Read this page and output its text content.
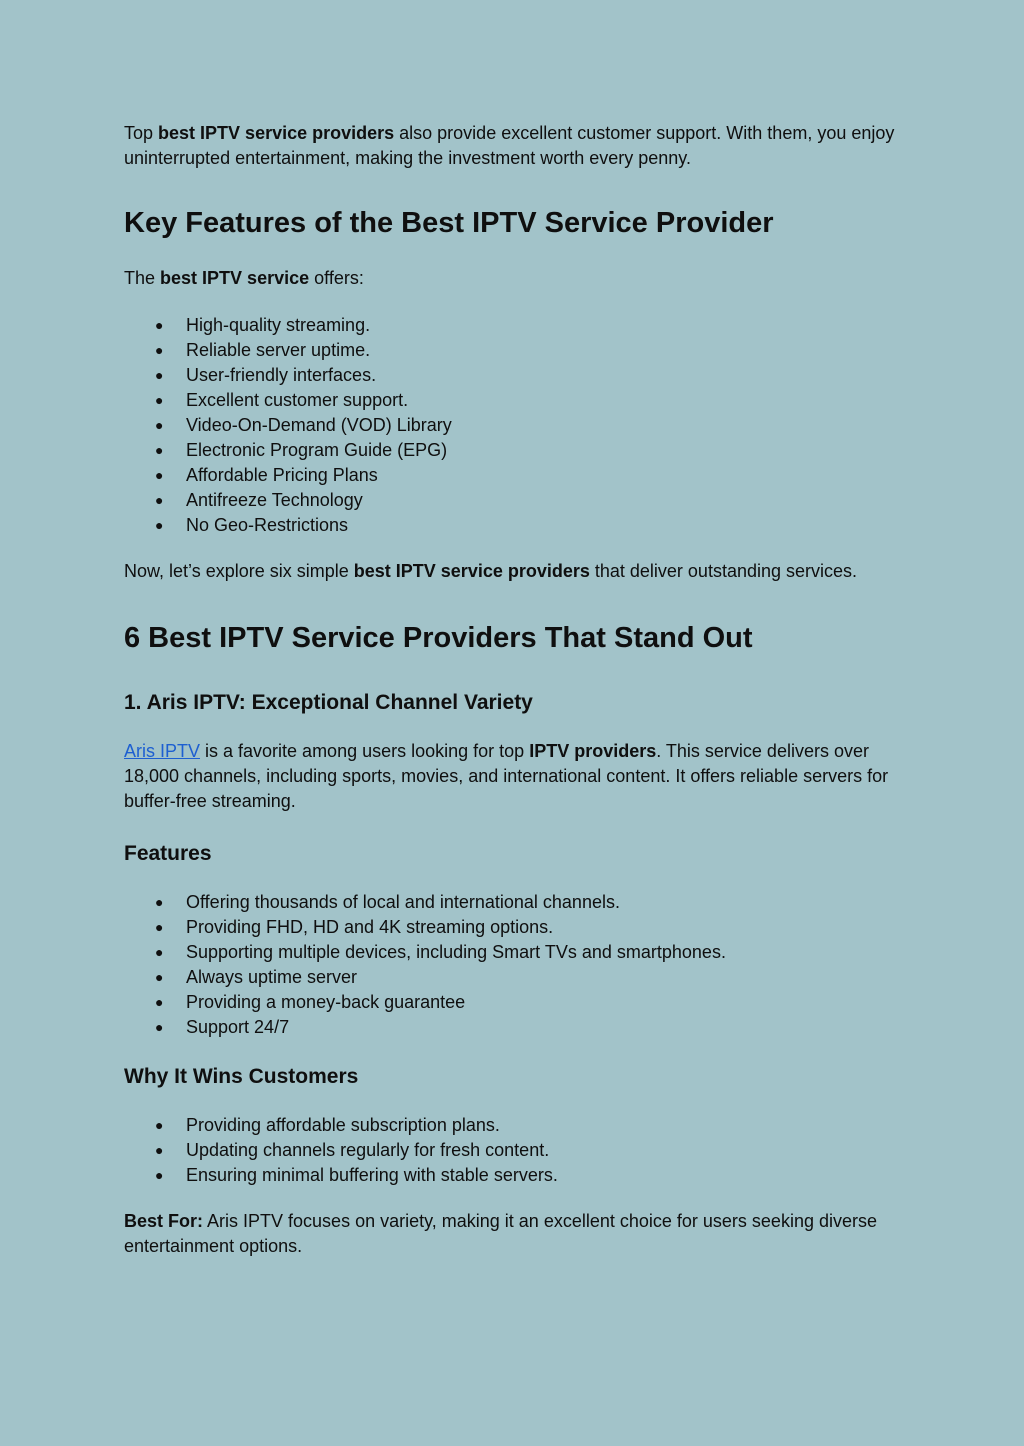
Top best IPTV service providers also provide excellent customer support. With them, you enjoy uninterrupted entertainment, making the investment worth every penny.

Key Features of the Best IPTV Service Provider

The best IPTV service offers:

● High-quality streaming.
● Reliable server uptime.
● User-friendly interfaces.
● Excellent customer support.
● Video-On-Demand (VOD) Library
● Electronic Program Guide (EPG)
● Affordable Pricing Plans
● Antifreeze Technology
● No Geo-Restrictions

Now, let’s explore six simple best IPTV service providers that deliver outstanding services.

6 Best IPTV Service Providers That Stand Out
1. Aris IPTV: Exceptional Channel Variety

Aris IPTV is a favorite among users looking for top IPTV providers. This service delivers over 18,000 channels, including sports, movies, and international content. It offers reliable servers for buffer-free streaming.

Features
● Offering thousands of local and international channels.
● Providing FHD, HD and 4K streaming options.
● Supporting multiple devices, including Smart TVs and smartphones.
● Always uptime server
● Providing a money-back guarantee
● Support 24/7
Why It Wins Customers
● Providing affordable subscription plans.
● Updating channels regularly for fresh content.
● Ensuring minimal buffering with stable servers.

Best For: Aris IPTV focuses on variety, making it an excellent choice for users seeking diverse entertainment options.
